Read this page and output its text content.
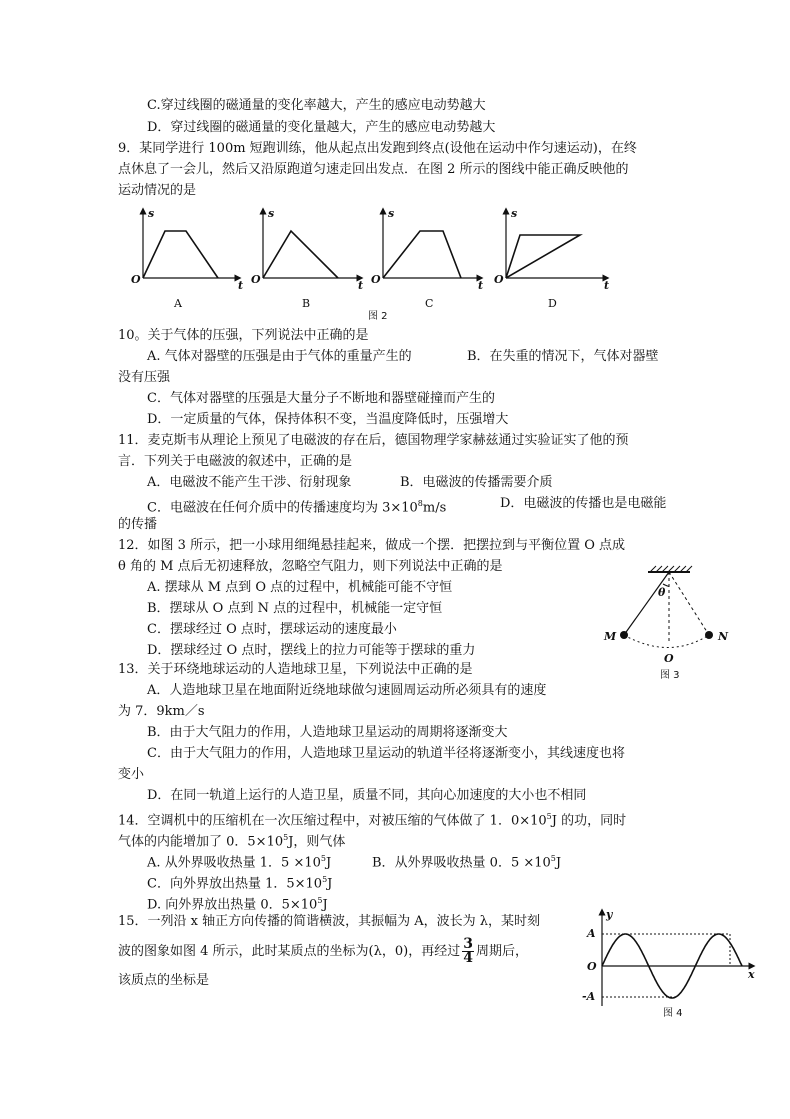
C.穿过线圈的磁通量的变化率越大，产生的感应电动势越大
D．穿过线圈的磁通量的变化量越大，产生的感应电动势越大
9．某同学进行 100m 短跑训练，他从起点出发跑到终点(设他在运动中作匀速运动)，在终
点休息了一会儿，然后又沿原跑道匀速走回出发点．在图 2 所示的图线中能正确反映他的
运动情况的是
s
t
O
A
s
t
O
B
s
t
O
C
s
t
O
D
图 2
10。关于气体的压强，下列说法中正确的是
A. 气体对器壁的压强是由于气体的重量产生的	B．在失重的情况下，气体对器壁
没有压强
C．气体对器壁的压强是大量分子不断地和器壁碰撞而产生的
D．一定质量的气体，保持体积不变，当温度降低时，压强增大
11．麦克斯韦从理论上预见了电磁波的存在后，德国物理学家赫兹通过实验证实了他的预
言．下列关于电磁波的叙述中，正确的是
A．电磁波不能产生干涉、衍射现象	B．电磁波的传播需要介质
C．电磁波在任何介质中的传播速度均为 $3\times 10^8m/s$	D．电磁波的传播也是电磁能
的传播
12．如图 3 所示，把一小球用细绳悬挂起来，做成一个摆．把摆拉到与平衡位置 O 点成
θ 角的 M 点后无初速释放，忽略空气阻力，则下列说法中正确的是
A. 摆球从 M 点到 O 点的过程中，机械能可能不守恒
B．摆球从 O 点到 N 点的过程中，机械能一定守恒
C．摆球经过 O 点时，摆球运动的速度最小
D．摆球经过 O 点时，摆线上的拉力可能等于摆球的重力
θ
M	N
O
图 3
13．关于环绕地球运动的人造地球卫星，下列说法中正确的是
A．人造地球卫星在地面附近绕地球做匀速圆周运动所必须具有的速度
为 7．9km／s
B．由于大气阻力的作用，人造地球卫星运动的周期将逐渐变大
C．由于大气阻力的作用，人造地球卫星运动的轨道半径将逐渐变小，其线速度也将
变小
D．在同一轨道上运行的人造卫星，质量不同，其向心加速度的大小也不相同
14．空调机中的压缩机在一次压缩过程中，对被压缩的气体做了 1．$0\times 10^5J$ 的功，同时
气体的内能增加了 0．$5\times 10^5J$，则气体
A. 从外界吸收热量 1．$5 \times 10^5J$	B．从外界吸收热量 0．$5 \times 10^5J$
C．向外界放出热量 1．$5\times 10^5J$
D. 向外界放出热量 0．$5\times 10^5J$
15．一列沿 x 轴正方向传播的简谐横波，其振幅为 A，波长为 λ，某时刻
波的图象如图 4 所示，此时某质点的坐标为(λ，0)，再经过 $\frac{3}{4}$ 周期后，
该质点的坐标是
y
x
A
O
-A
图 4
